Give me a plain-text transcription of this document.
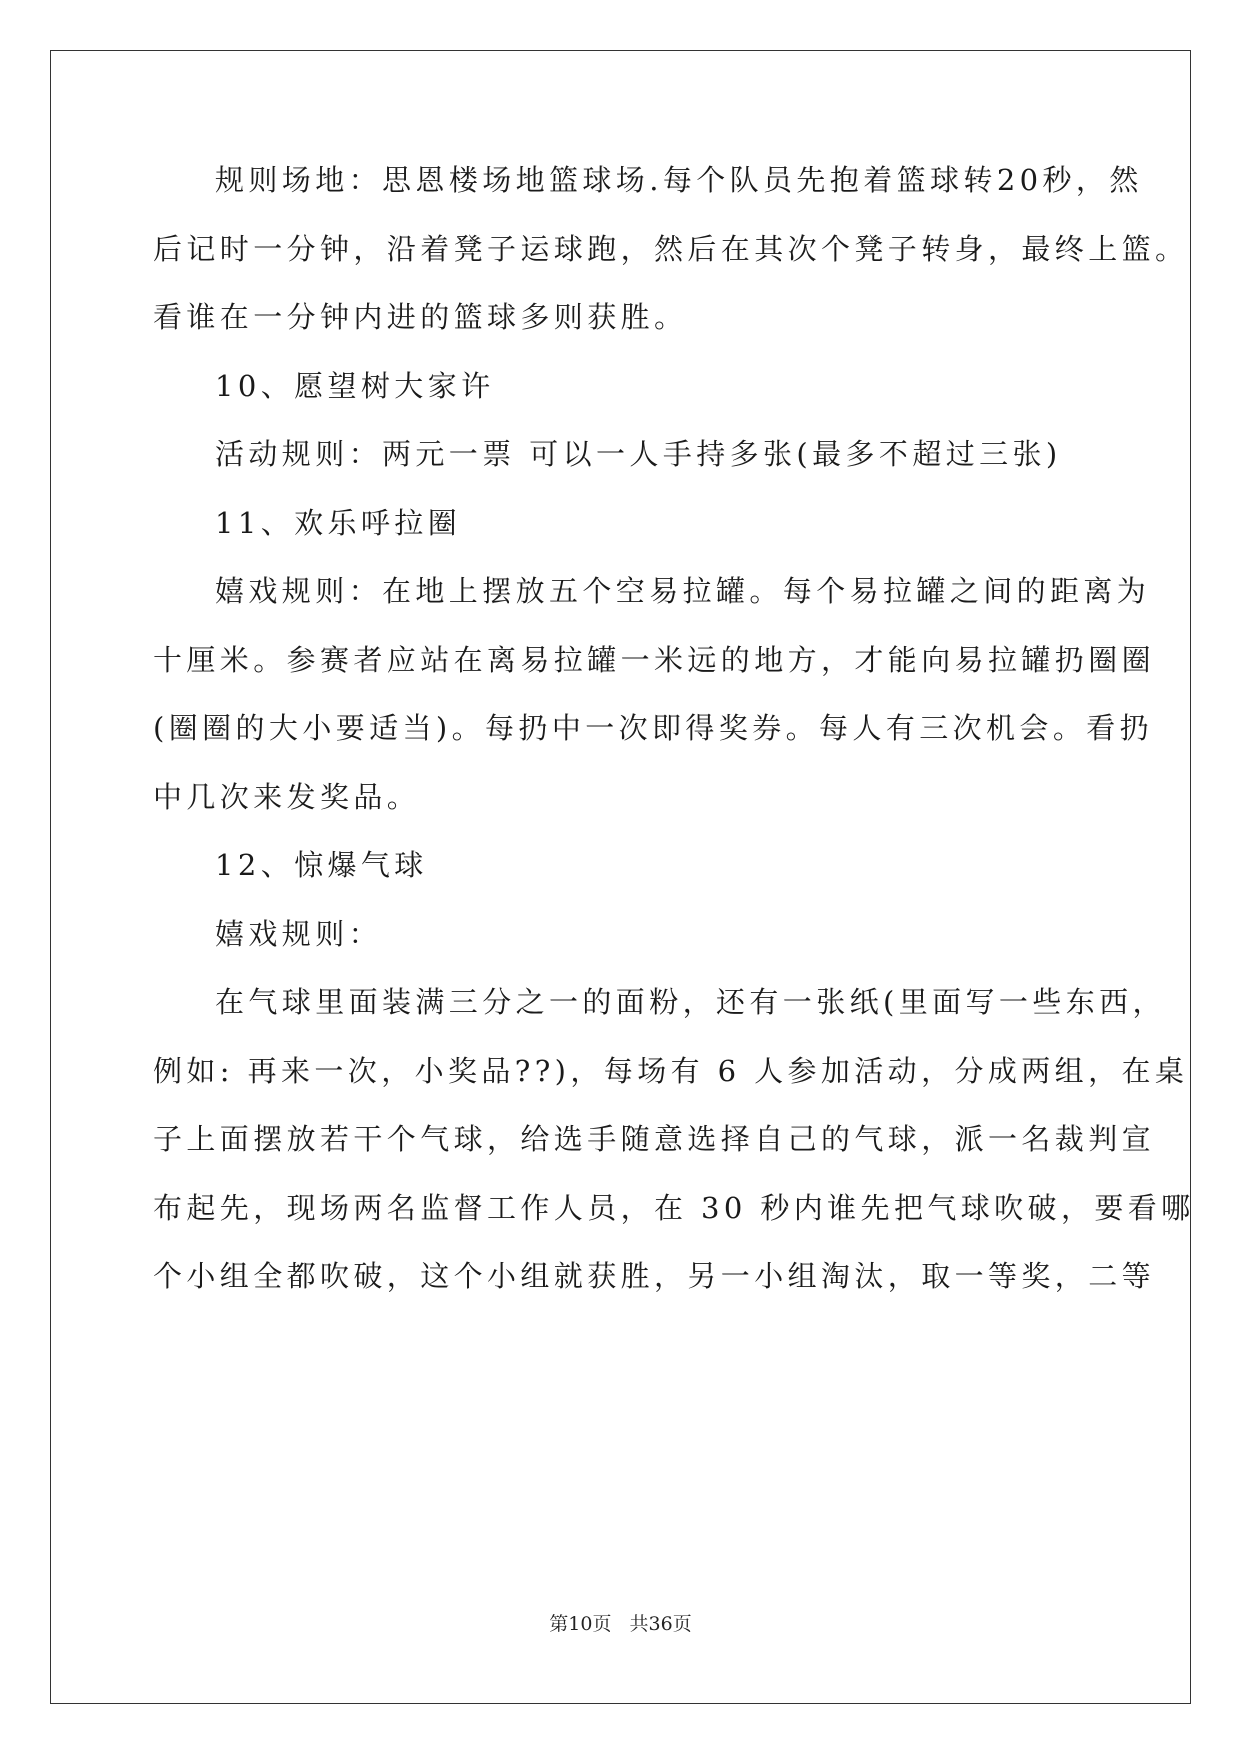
规则场地：思恩楼场地篮球场.每个队员先抱着篮球转20秒，然
后记时一分钟，沿着凳子运球跑，然后在其次个凳子转身，最终上篮。
看谁在一分钟内进的篮球多则获胜。
10、愿望树大家许
活动规则：两元一票 可以一人手持多张(最多不超过三张)
11、欢乐呼拉圈
嬉戏规则：在地上摆放五个空易拉罐。每个易拉罐之间的距离为
十厘米。参赛者应站在离易拉罐一米远的地方，才能向易拉罐扔圈圈
(圈圈的大小要适当)。每扔中一次即得奖券。每人有三次机会。看扔
中几次来发奖品。
12、惊爆气球
嬉戏规则：
在气球里面装满三分之一的面粉，还有一张纸(里面写一些东西，
例如: 再来一次，小奖品??)，每场有 6 人参加活动，分成两组，在桌
子上面摆放若干个气球，给选手随意选择自己的气球，派一名裁判宣
布起先，现场两名监督工作人员，在 30 秒内谁先把气球吹破，要看哪
个小组全都吹破，这个小组就获胜，另一小组淘汰，取一等奖，二等
第10页 共36页
